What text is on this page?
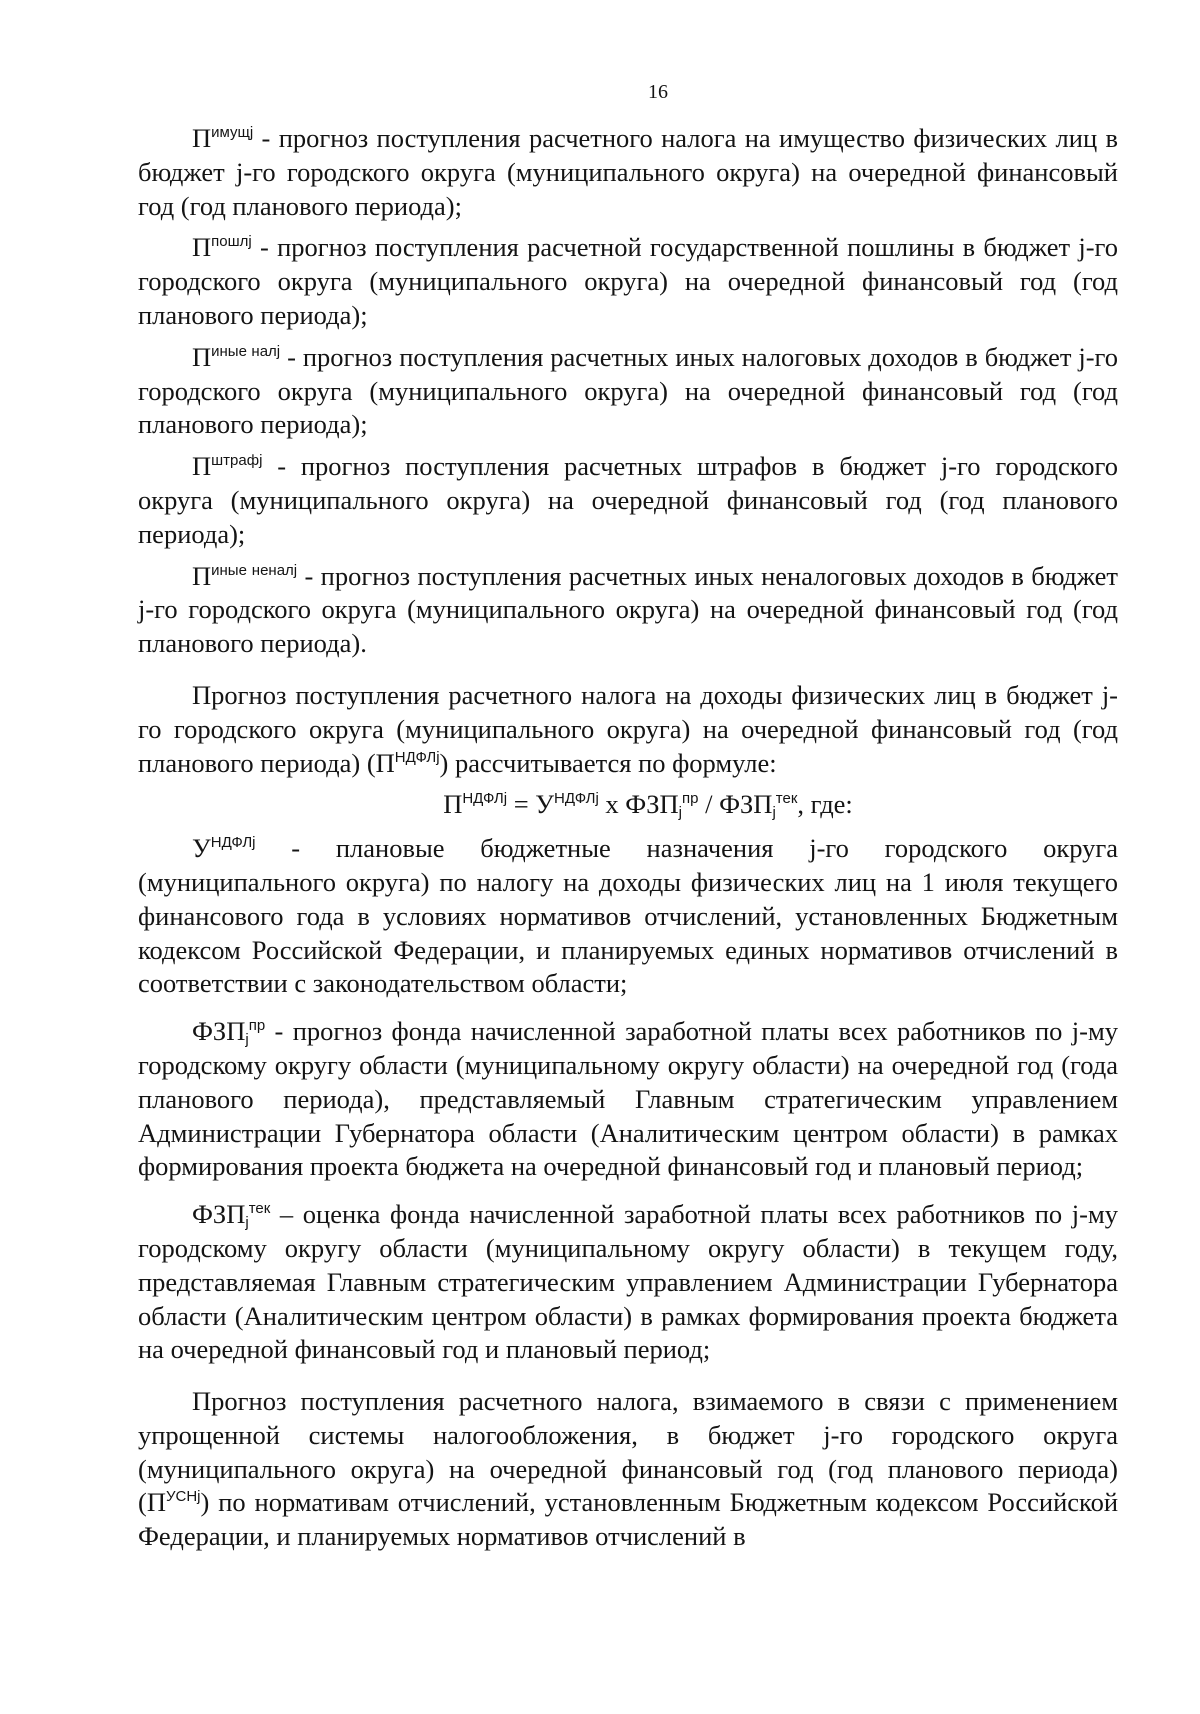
16

$П^{имущj}$ - прогноз поступления расчетного налога на имущество физических лиц в бюджет j-го городского округа (муниципального округа) на очередной финансовый год (год планового периода);

$П^{пошлj}$ - прогноз поступления расчетной государственной пошлины в бюджет j-го городского округа (муниципального округа) на очередной финансовый год (год планового периода);

$П^{иные налj}$ - прогноз поступления расчетных иных налоговых доходов в бюджет j-го городского округа (муниципального округа) на очередной финансовый год (год планового периода);

$П^{штрафj}$ - прогноз поступления расчетных штрафов в бюджет j-го городского округа (муниципального округа) на очередной финансовый год (год планового периода);

$П^{иные неналj}$ - прогноз поступления расчетных иных неналоговых доходов в бюджет j-го городского округа (муниципального округа) на очередной финансовый год (год планового периода).

Прогноз поступления расчетного налога на доходы физических лиц в бюджет j-го городского округа (муниципального округа) на очередной финансовый год (год планового периода) $(П^{НДФЛj})$ рассчитывается по формуле:

$П^{НДФЛj} = У^{НДФЛj}$ х $ФЗП_j^{пр} / ФЗП_j^{тек}$, где:

$У^{НДФЛj}$ - плановые бюджетные назначения j-го городского округа (муниципального округа) по налогу на доходы физических лиц на 1 июля текущего финансового года в условиях нормативов отчислений, установленных Бюджетным кодексом Российской Федерации, и планируемых единых нормативов отчислений в соответствии с законодательством области;

$ФЗП_j^{пр}$ - прогноз фонда начисленной заработной платы всех работников по j-му городскому округу области (муниципальному округу области) на очередной год (года планового периода), представляемый Главным стратегическим управлением Администрации Губернатора области (Аналитическим центром области) в рамках формирования проекта бюджета на очередной финансовый год и плановый период;

$ФЗП_j^{тек}$ – оценка фонда начисленной заработной платы всех работников по j-му городскому округу области (муниципальному округу области) в текущем году, представляемая Главным стратегическим управлением Администрации Губернатора области (Аналитическим центром области) в рамках формирования проекта бюджета на очередной финансовый год и плановый период;

Прогноз поступления расчетного налога, взимаемого в связи с применением упрощенной системы налогообложения, в бюджет j-го городского округа (муниципального округа) на очередной финансовый год (год планового периода) $(П^{УСНj})$ по нормативам отчислений, установленным Бюджетным кодексом Российской Федерации, и планируемых нормативов отчислений в
